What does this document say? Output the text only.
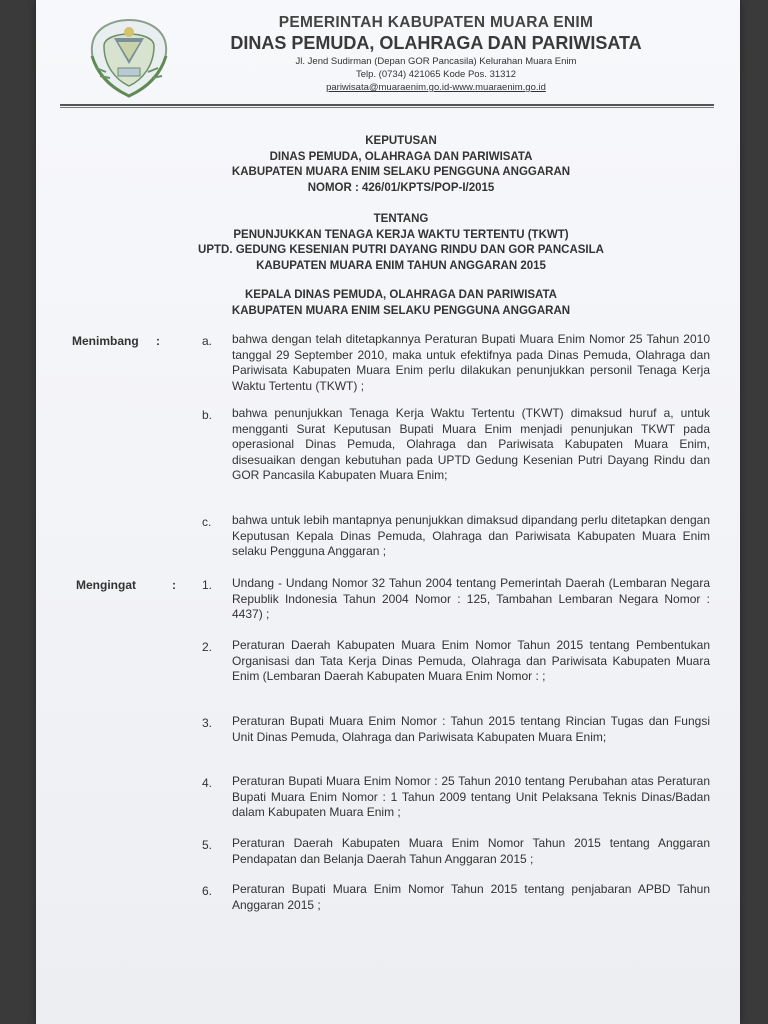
PEMERINTAH KABUPATEN MUARA ENIM
DINAS PEMUDA, OLAHRAGA DAN PARIWISATA
Jl. Jend Sudirman (Depan GOR Pancasila) Kelurahan Muara Enim
Telp. (0734) 421065 Kode Pos. 31312
pariwisata@muaraenim.go.id-www.muaraenim.go.id
KEPUTUSAN
DINAS PEMUDA, OLAHRAGA DAN PARIWISATA
KABUPATEN MUARA ENIM SELAKU PENGGUNA ANGGARAN
NOMOR : 426/01/KPTS/POP-I/2015
TENTANG
PENUNJUKKAN TENAGA KERJA WAKTU TERTENTU (TKWT)
UPTD. GEDUNG KESENIAN PUTRI DAYANG RINDU DAN GOR PANCASILA
KABUPATEN MUARA ENIM TAHUN ANGGARAN 2015
KEPALA DINAS PEMUDA, OLAHRAGA DAN PARIWISATA
KABUPATEN MUARA ENIM SELAKU PENGGUNA ANGGARAN
Menimbang :	a. bahwa dengan telah ditetapkannya Peraturan Bupati Muara Enim Nomor 25 Tahun 2010 tanggal 29 September 2010, maka untuk efektifnya pada Dinas Pemuda, Olahraga dan Pariwisata Kabupaten Muara Enim perlu dilakukan penunjukkan personil Tenaga Kerja Waktu Tertentu (TKWT) ;
b. bahwa penunjukkan Tenaga Kerja Waktu Tertentu (TKWT) dimaksud huruf a, untuk mengganti Surat Keputusan Bupati Muara Enim menjadi penunjukan TKWT pada operasional Dinas Pemuda, Olahraga dan Pariwisata Kabupaten Muara Enim, disesuaikan dengan kebutuhan pada UPTD Gedung Kesenian Putri Dayang Rindu dan GOR Pancasila Kabupaten Muara Enim;
c. bahwa untuk lebih mantapnya penunjukkan dimaksud dipandang perlu ditetapkan dengan Keputusan Kepala Dinas Pemuda, Olahraga dan Pariwisata Kabupaten Muara Enim selaku Pengguna Anggaran ;
Mengingat	: 1. Undang - Undang Nomor 32 Tahun 2004 tentang Pemerintah Daerah (Lembaran Negara Republik Indonesia Tahun 2004 Nomor : 125, Tambahan Lembaran Negara Nomor : 4437) ;
2. Peraturan Daerah Kabupaten Muara Enim Nomor Tahun 2015 tentang Pembentukan Organisasi dan Tata Kerja Dinas Pemuda, Olahraga dan Pariwisata Kabupaten Muara Enim (Lembaran Daerah Kabupaten Muara Enim Nomor : ;
3. Peraturan Bupati Muara Enim Nomor : Tahun 2015 tentang Rincian Tugas dan Fungsi Unit Dinas Pemuda, Olahraga dan Pariwisata Kabupaten Muara Enim;
4. Peraturan Bupati Muara Enim Nomor : 25 Tahun 2010 tentang Perubahan atas Peraturan Bupati Muara Enim Nomor : 1 Tahun 2009 tentang Unit Pelaksana Teknis Dinas/Badan dalam Kabupaten Muara Enim ;
5. Peraturan Daerah Kabupaten Muara Enim Nomor Tahun 2015 tentang Anggaran Pendapatan dan Belanja Daerah Tahun Anggaran 2015 ;
6. Peraturan Bupati Muara Enim Nomor Tahun 2015 tentang penjabaran APBD Tahun Anggaran 2015 ;
